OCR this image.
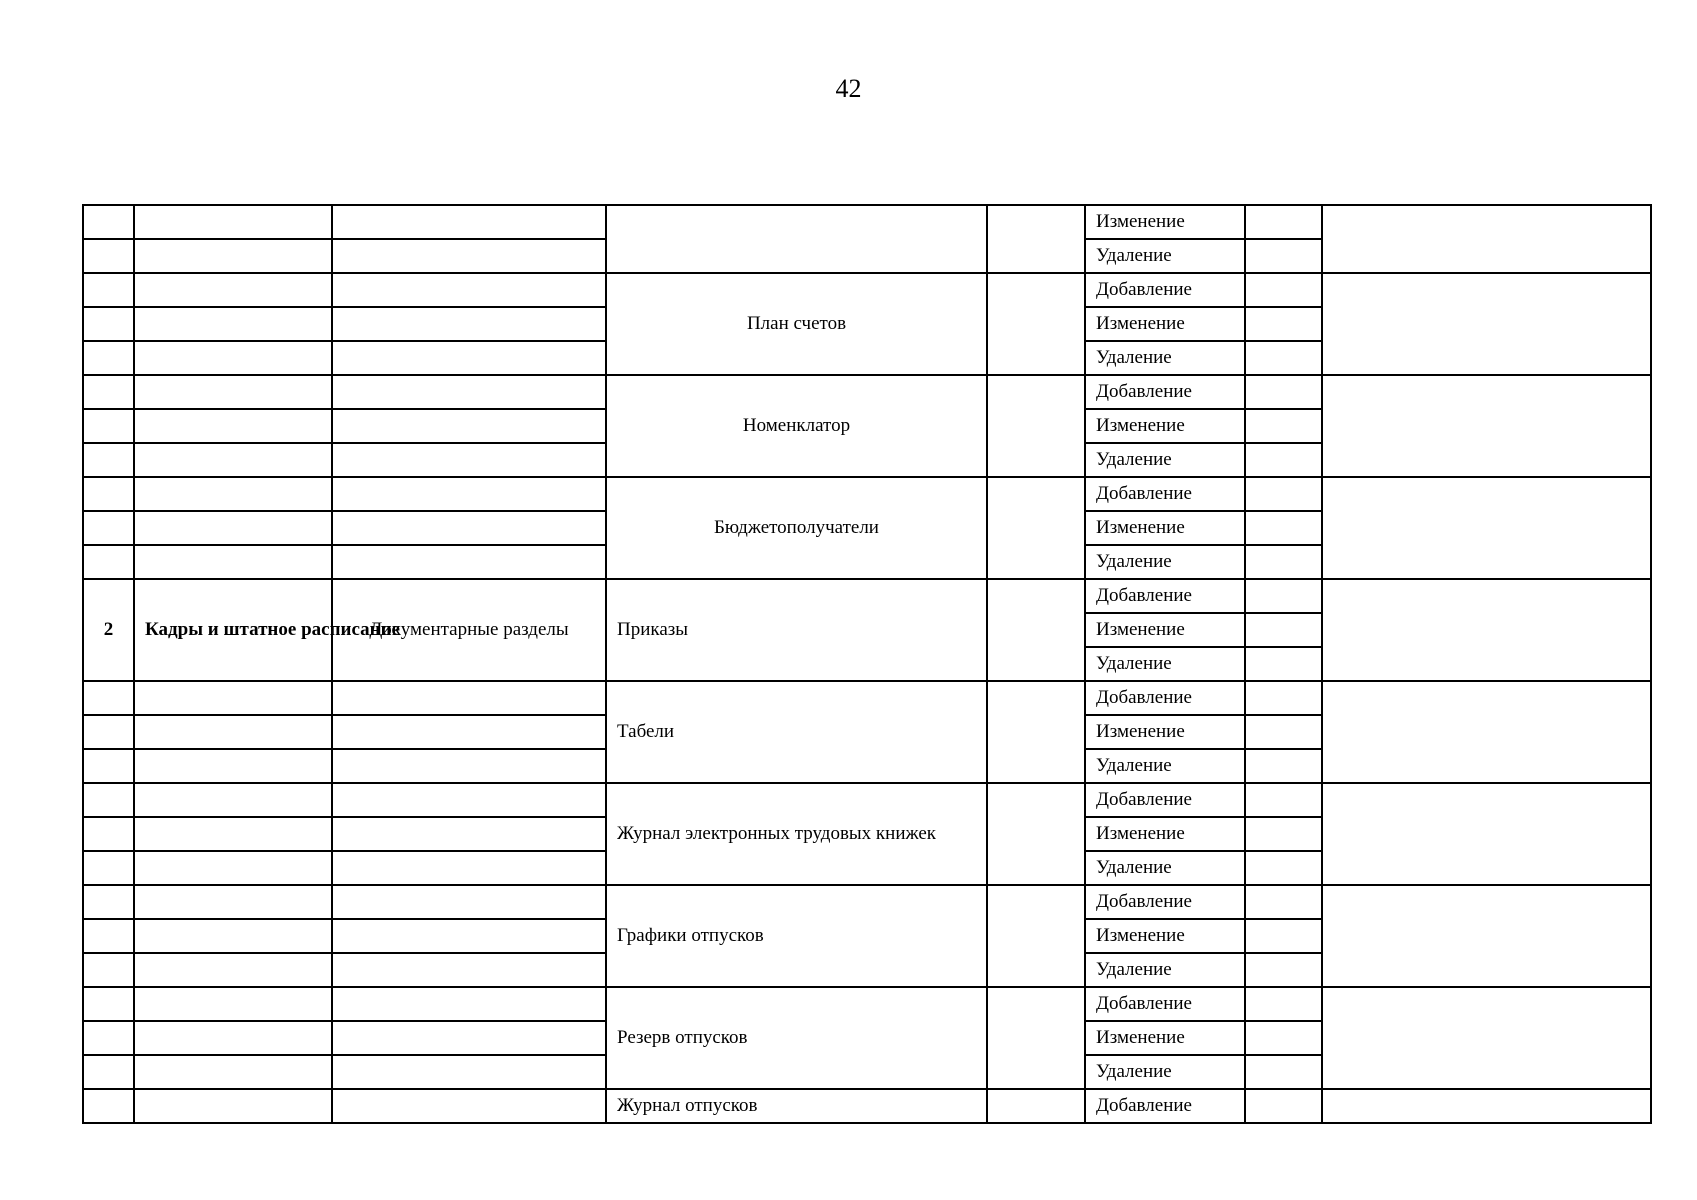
42
					Изменение		
					Удаление		
			План счетов		Добавление		
					Изменение		
					Удаление		
			Номенклатор		Добавление		
					Изменение		
					Удаление		
			Бюджетополучатели		Добавление		
					Изменение		
					Удаление		
2	Кадры и штатное расписание	Документарные разделы	Приказы		Добавление		
					Изменение		
					Удаление		
			Табели		Добавление		
					Изменение		
					Удаление		
			Журнал электронных трудовых книжек		Добавление		
					Изменение		
					Удаление		
			Графики отпусков		Добавление		
					Изменение		
					Удаление		
			Резерв отпусков		Добавление		
					Изменение		
					Удаление		
			Журнал отпусков		Добавление		
